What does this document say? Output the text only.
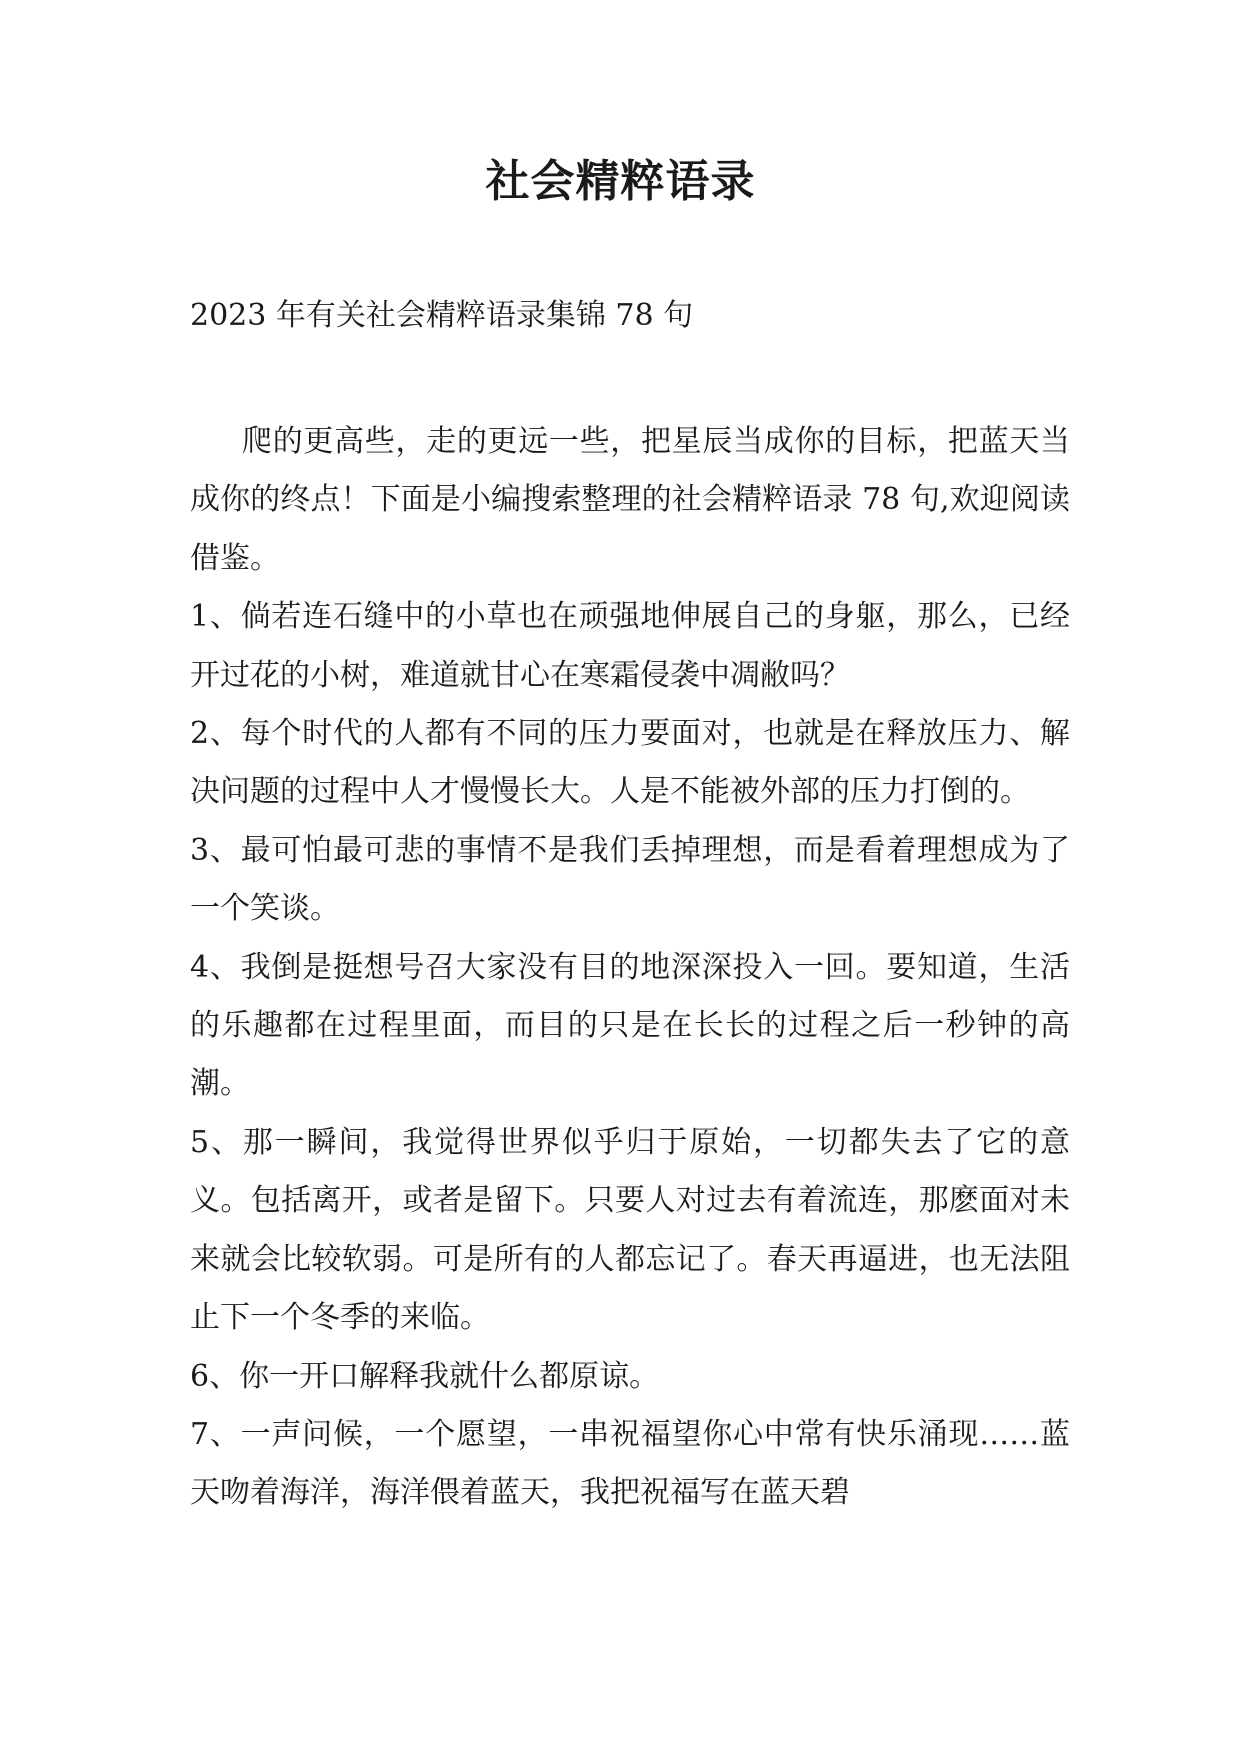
社会精粹语录
2023 年有关社会精粹语录集锦 78 句

爬的更高些，走的更远一些，把星辰当成你的目标，把蓝天当成你的终点！下面是小编搜索整理的社会精粹语录 78 句,欢迎阅读借鉴。

1、倘若连石缝中的小草也在顽强地伸展自己的身躯，那么，已经开过花的小树，难道就甘心在寒霜侵袭中凋敝吗？

2、每个时代的人都有不同的压力要面对，也就是在释放压力、解决问题的过程中人才慢慢长大。人是不能被外部的压力打倒的。

3、最可怕最可悲的事情不是我们丢掉理想，而是看着理想成为了一个笑谈。

4、我倒是挺想号召大家没有目的地深深投入一回。要知道，生活的乐趣都在过程里面，而目的只是在长长的过程之后一秒钟的高潮。

5、那一瞬间，我觉得世界似乎归于原始，一切都失去了它的意义。包括离开，或者是留下。只要人对过去有着流连，那麽面对未来就会比较软弱。可是所有的人都忘记了。春天再逼进，也无法阻止下一个冬季的来临。

6、你一开口解释我就什么都原谅。

7、一声问候，一个愿望，一串祝福望你心中常有快乐涌现……蓝天吻着海洋，海洋偎着蓝天，我把祝福写在蓝天碧
